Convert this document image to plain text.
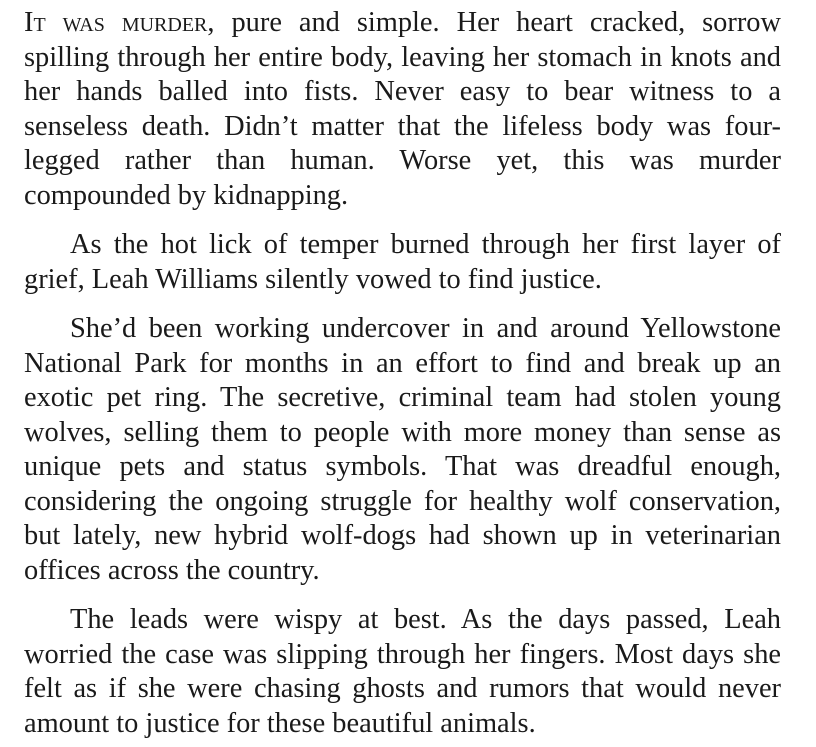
It was murder, pure and simple. Her heart cracked, sorrow spilling through her entire body, leaving her stomach in knots and her hands balled into fists. Never easy to bear witness to a senseless death. Didn’t matter that the lifeless body was four-legged rather than human. Worse yet, this was murder compounded by kidnapping.

As the hot lick of temper burned through her first layer of grief, Leah Williams silently vowed to find justice.

She’d been working undercover in and around Yellowstone National Park for months in an effort to find and break up an exotic pet ring. The secretive, criminal team had stolen young wolves, selling them to people with more money than sense as unique pets and status symbols. That was dreadful enough, considering the ongoing struggle for healthy wolf conservation, but lately, new hybrid wolf-dogs had shown up in veterinarian offices across the country.

The leads were wispy at best. As the days passed, Leah worried the case was slipping through her fingers. Most days she felt as if she were chasing ghosts and rumors that would never amount to justice for these beautiful animals.
